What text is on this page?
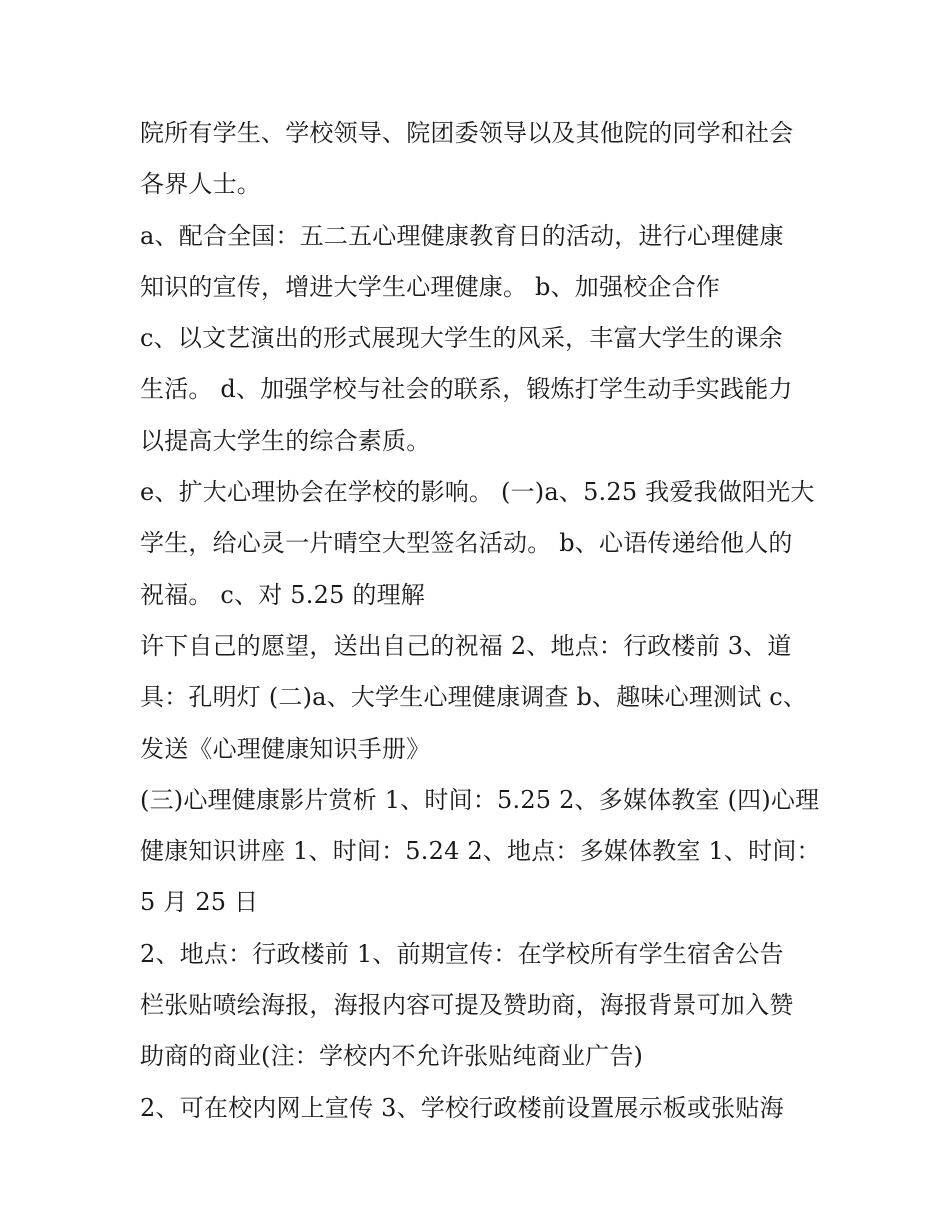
院所有学生、学校领导、院团委领导以及其他院的同学和社会
各界人士。
a、配合全国：五二五心理健康教育日的活动，进行心理健康
知识的宣传，增进大学生心理健康。 b、加强校企合作
c、以文艺演出的形式展现大学生的风采，丰富大学生的课余
生活。 d、加强学校与社会的联系，锻炼打学生动手实践能力
以提高大学生的综合素质。
e、扩大心理协会在学校的影响。 (一)a、5.25 我爱我做阳光大
学生，给心灵一片晴空大型签名活动。 b、心语传递给他人的
祝福。 c、对 5.25 的理解
许下自己的愿望，送出自己的祝福 2、地点：行政楼前 3、道
具：孔明灯 (二)a、大学生心理健康调查 b、趣味心理测试 c、
发送《心理健康知识手册》
(三)心理健康影片赏析 1、时间：5.25 2、多媒体教室 (四)心理
健康知识讲座 1、时间：5.24 2、地点：多媒体教室 1、时间：
5 月 25 日
2、地点：行政楼前 1、前期宣传：在学校所有学生宿舍公告
栏张贴喷绘海报，海报内容可提及赞助商，海报背景可加入赞
助商的商业(注：学校内不允许张贴纯商业广告)
2、可在校内网上宣传 3、学校行政楼前设置展示板或张贴海
